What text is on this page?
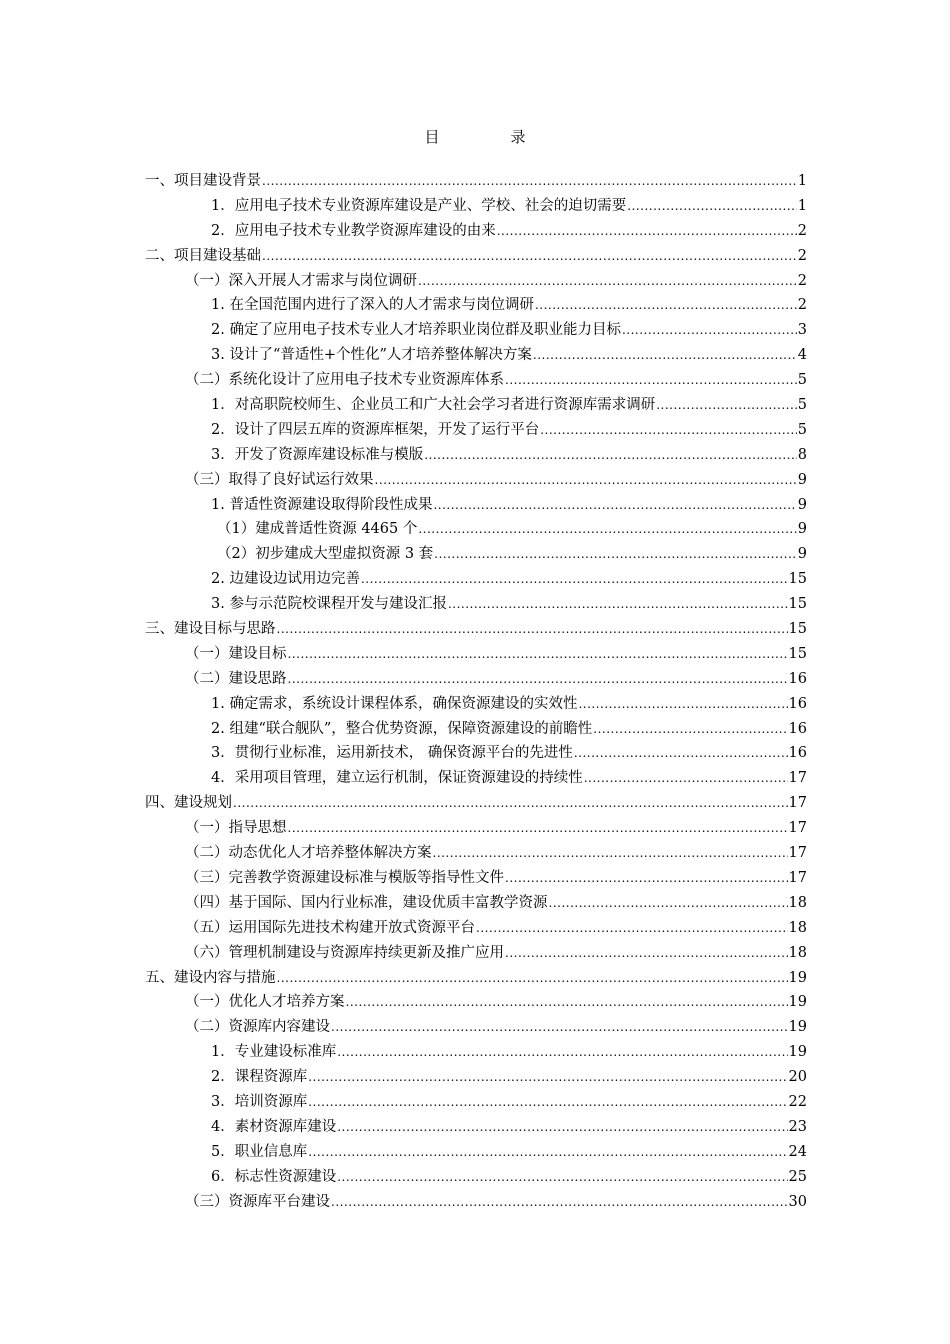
目　录
一、项目建设背景 .....	1
1．应用电子技术专业资源库建设是产业、学校、社会的迫切需要 .....	1
2．应用电子技术专业教学资源库建设的由来 .....	2
二、项目建设基础 .....	2
（一）深入开展人才需求与岗位调研 .....	2
1. 在全国范围内进行了深入的人才需求与岗位调研 .....	2
2. 确定了应用电子技术专业人才培养职业岗位群及职业能力目标 .....	3
3. 设计了“普适性+个性化”人才培养整体解决方案 .....	4
（二）系统化设计了应用电子技术专业资源库体系 .....	5
1．对高职院校师生、企业员工和广大社会学习者进行资源库需求调研 .....	5
2．设计了四层五库的资源库框架，开发了运行平台 .....	5
3．开发了资源库建设标准与模版 .....	8
（三）取得了良好试运行效果 .....	9
1. 普适性资源建设取得阶段性成果 .....	9
（1）建成普适性资源 4465 个 .....	9
（2）初步建成大型虚拟资源 3 套 .....	9
2. 边建设边试用边完善 .....	15
3. 参与示范院校课程开发与建设汇报 .....	15
三、建设目标与思路 .....	15
（一）建设目标 .....	15
（二）建设思路 .....	16
1. 确定需求，系统设计课程体系，确保资源建设的实效性 .....	16
2. 组建“联合舰队”，整合优势资源，保障资源建设的前瞻性 .....	16
3．贯彻行业标准，运用新技术， 确保资源平台的先进性 .....	16
4．采用项目管理，建立运行机制，保证资源建设的持续性 .....	17
四、建设规划 .....	17
（一）指导思想 .....	17
（二）动态优化人才培养整体解决方案 .....	17
（三）完善教学资源建设标准与模版等指导性文件 .....	17
（四）基于国际、国内行业标准，建设优质丰富教学资源 .....	18
（五）运用国际先进技术构建开放式资源平台 .....	18
（六）管理机制建设与资源库持续更新及推广应用 .....	18
五、建设内容与措施 .....	19
（一）优化人才培养方案 .....	19
（二）资源库内容建设 .....	19
1．专业建设标准库 .....	19
2．课程资源库 .....	20
3．培训资源库 .....	22
4．素材资源库建设 .....	23
5．职业信息库 .....	24
6．标志性资源建设 .....	25
（三）资源库平台建设 .....	30
